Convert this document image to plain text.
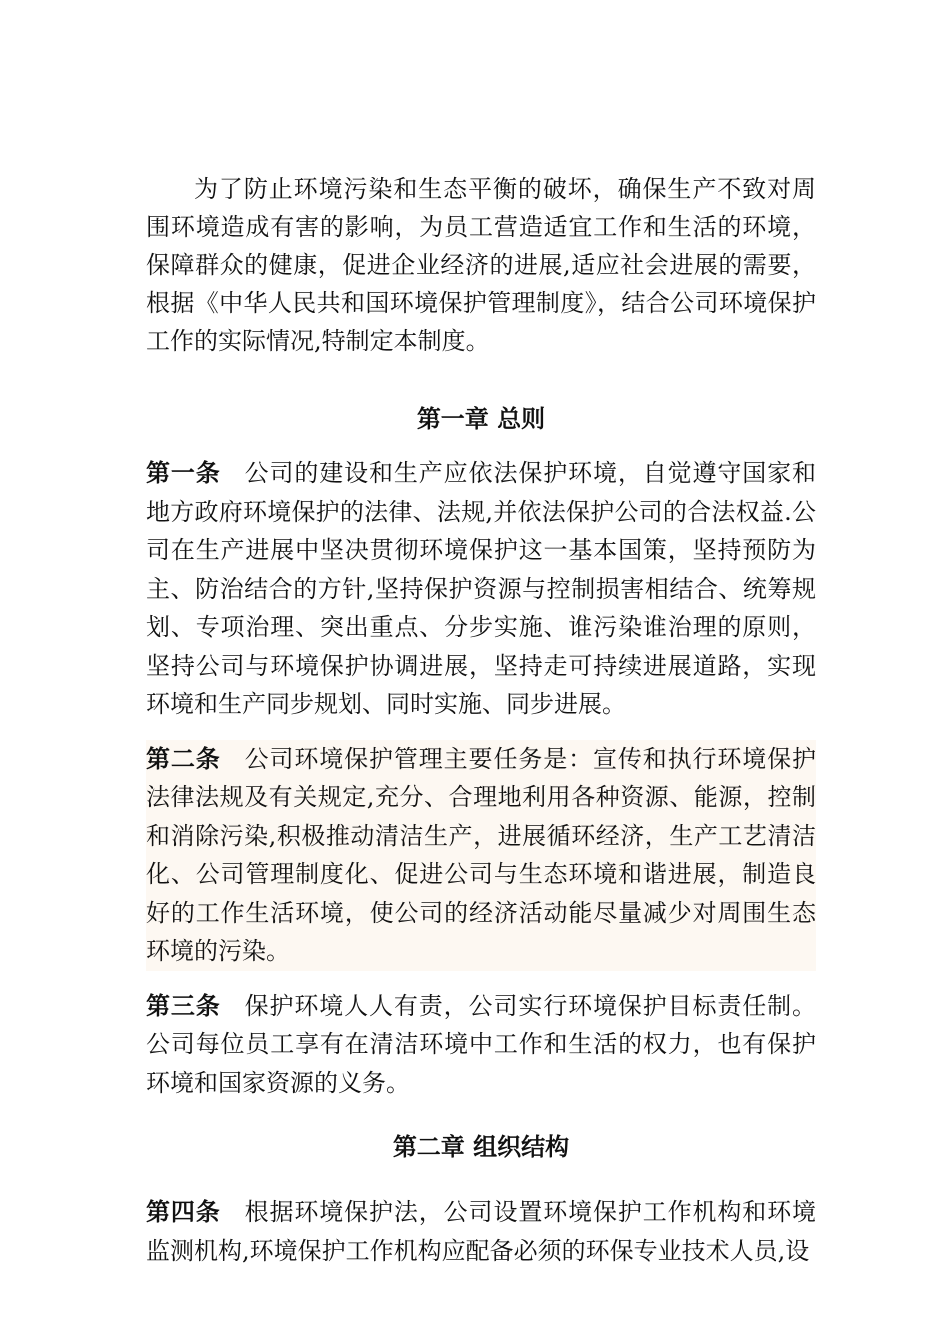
为了防止环境污染和生态平衡的破坏，确保生产不致对周围环境造成有害的影响，为员工营造适宜工作和生活的环境，保障群众的健康，促进企业经济的进展,适应社会进展的需要，根据《中华人民共和国环境保护管理制度》，结合公司环境保护工作的实际情况,特制定本制度。

第一章 总则

第一条 公司的建设和生产应依法保护环境，自觉遵守国家和地方政府环境保护的法律、法规,并依法保护公司的合法权益.公司在生产进展中坚决贯彻环境保护这一基本国策，坚持预防为主、防治结合的方针,坚持保护资源与控制损害相结合、统筹规划、专项治理、突出重点、分步实施、谁污染谁治理的原则，坚持公司与环境保护协调进展，坚持走可持续进展道路，实现环境和生产同步规划、同时实施、同步进展。

第二条 公司环境保护管理主要任务是：宣传和执行环境保护法律法规及有关规定,充分、合理地利用各种资源、能源，控制和消除污染,积极推动清洁生产，进展循环经济，生产工艺清洁化、公司管理制度化、促进公司与生态环境和谐进展，制造良好的工作生活环境，使公司的经济活动能尽量减少对周围生态环境的污染。

第三条 保护环境人人有责，公司实行环境保护目标责任制。公司每位员工享有在清洁环境中工作和生活的权力，也有保护环境和国家资源的义务。

第二章 组织结构

第四条 根据环境保护法，公司设置环境保护工作机构和环境监测机构,环境保护工作机构应配备必须的环保专业技术人员,设
